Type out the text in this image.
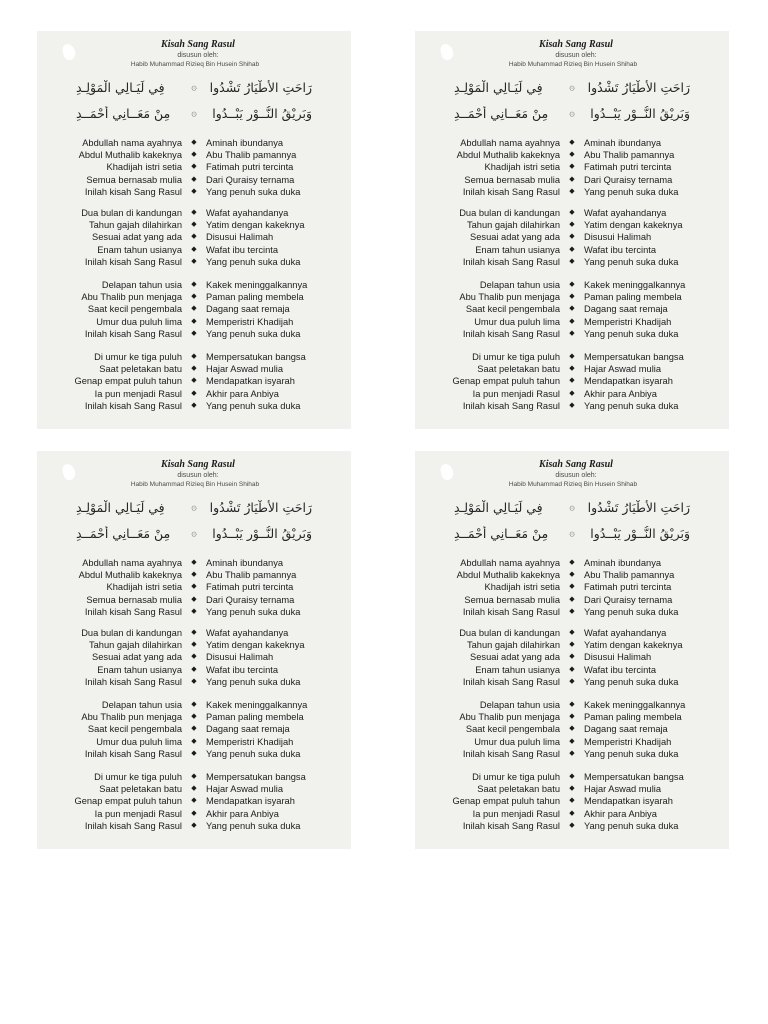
Kisah Sang Rasul
disusun oleh:
Habib Muhammad Rizieq Bin Husein Shihab
فِي لَيَـالِي الْمَوْلِـدِ	۞	رَاحَتِ الأَطْيَارُ تَشْدُوا
مِنْ مَعَــانِي أَحْمَــدِ	۞	وَبَرِيْقُ النُّــوْرِ يَبْــدُوا
Abdullah nama ayahnya	◆	Aminah ibundanya
Abdul Muthalib kakeknya	◆	Abu Thalib pamannya
Khadijah istri setia	◆	Fatimah putri tercinta
Semua bernasab mulia	◆	Dari Quraisy ternama
Inilah kisah Sang Rasul	◆	Yang penuh suka duka
Dua bulan di kandungan	◆	Wafat ayahandanya
Tahun gajah dilahirkan	◆	Yatim dengan kakeknya
Sesuai adat yang ada	◆	Disusui Halimah
Enam tahun usianya	◆	Wafat ibu tercinta
Inilah kisah Sang Rasul	◆	Yang penuh suka duka
Delapan tahun usia	◆	Kakek meninggalkannya
Abu Thalib pun menjaga	◆	Paman paling membela
Saat kecil pengembala	◆	Dagang saat remaja
Umur dua puluh lima	◆	Memperistri Khadijah
Inilah kisah Sang Rasul	◆	Yang penuh suka duka
Di umur ke tiga puluh	◆	Mempersatukan bangsa
Saat peletakan batu	◆	Hajar Aswad mulia
Genap empat puluh tahun	◆	Mendapatkan isyarah
Ia pun menjadi Rasul	◆	Akhir para Anbiya
Inilah kisah Sang Rasul	◆	Yang penuh suka duka
Kisah Sang Rasul
disusun oleh:
Habib Muhammad Rizieq Bin Husein Shihab
فِي لَيَـالِي الْمَوْلِـدِ	۞	رَاحَتِ الأَطْيَارُ تَشْدُوا
مِنْ مَعَــانِي أَحْمَــدِ	۞	وَبَرِيْقُ النُّــوْرِ يَبْــدُوا
Abdullah nama ayahnya	◆	Aminah ibundanya
Abdul Muthalib kakeknya	◆	Abu Thalib pamannya
Khadijah istri setia	◆	Fatimah putri tercinta
Semua bernasab mulia	◆	Dari Quraisy ternama
Inilah kisah Sang Rasul	◆	Yang penuh suka duka
Dua bulan di kandungan	◆	Wafat ayahandanya
Tahun gajah dilahirkan	◆	Yatim dengan kakeknya
Sesuai adat yang ada	◆	Disusui Halimah
Enam tahun usianya	◆	Wafat ibu tercinta
Inilah kisah Sang Rasul	◆	Yang penuh suka duka
Delapan tahun usia	◆	Kakek meninggalkannya
Abu Thalib pun menjaga	◆	Paman paling membela
Saat kecil pengembala	◆	Dagang saat remaja
Umur dua puluh lima	◆	Memperistri Khadijah
Inilah kisah Sang Rasul	◆	Yang penuh suka duka
Di umur ke tiga puluh	◆	Mempersatukan bangsa
Saat peletakan batu	◆	Hajar Aswad mulia
Genap empat puluh tahun	◆	Mendapatkan isyarah
Ia pun menjadi Rasul	◆	Akhir para Anbiya
Inilah kisah Sang Rasul	◆	Yang penuh suka duka
Kisah Sang Rasul
disusun oleh:
Habib Muhammad Rizieq Bin Husein Shihab
فِي لَيَـالِي الْمَوْلِـدِ	۞	رَاحَتِ الأَطْيَارُ تَشْدُوا
مِنْ مَعَــانِي أَحْمَــدِ	۞	وَبَرِيْقُ النُّــوْرِ يَبْــدُوا
Abdullah nama ayahnya	◆	Aminah ibundanya
Abdul Muthalib kakeknya	◆	Abu Thalib pamannya
Khadijah istri setia	◆	Fatimah putri tercinta
Semua bernasab mulia	◆	Dari Quraisy ternama
Inilah kisah Sang Rasul	◆	Yang penuh suka duka
Dua bulan di kandungan	◆	Wafat ayahandanya
Tahun gajah dilahirkan	◆	Yatim dengan kakeknya
Sesuai adat yang ada	◆	Disusui Halimah
Enam tahun usianya	◆	Wafat ibu tercinta
Inilah kisah Sang Rasul	◆	Yang penuh suka duka
Delapan tahun usia	◆	Kakek meninggalkannya
Abu Thalib pun menjaga	◆	Paman paling membela
Saat kecil pengembala	◆	Dagang saat remaja
Umur dua puluh lima	◆	Memperistri Khadijah
Inilah kisah Sang Rasul	◆	Yang penuh suka duka
Di umur ke tiga puluh	◆	Mempersatukan bangsa
Saat peletakan batu	◆	Hajar Aswad mulia
Genap empat puluh tahun	◆	Mendapatkan isyarah
Ia pun menjadi Rasul	◆	Akhir para Anbiya
Inilah kisah Sang Rasul	◆	Yang penuh suka duka
Kisah Sang Rasul
disusun oleh:
Habib Muhammad Rizieq Bin Husein Shihab
فِي لَيَـالِي الْمَوْلِـدِ	۞	رَاحَتِ الأَطْيَارُ تَشْدُوا
مِنْ مَعَــانِي أَحْمَــدِ	۞	وَبَرِيْقُ النُّــوْرِ يَبْــدُوا
Abdullah nama ayahnya	◆	Aminah ibundanya
Abdul Muthalib kakeknya	◆	Abu Thalib pamannya
Khadijah istri setia	◆	Fatimah putri tercinta
Semua bernasab mulia	◆	Dari Quraisy ternama
Inilah kisah Sang Rasul	◆	Yang penuh suka duka
Dua bulan di kandungan	◆	Wafat ayahandanya
Tahun gajah dilahirkan	◆	Yatim dengan kakeknya
Sesuai adat yang ada	◆	Disusui Halimah
Enam tahun usianya	◆	Wafat ibu tercinta
Inilah kisah Sang Rasul	◆	Yang penuh suka duka
Delapan tahun usia	◆	Kakek meninggalkannya
Abu Thalib pun menjaga	◆	Paman paling membela
Saat kecil pengembala	◆	Dagang saat remaja
Umur dua puluh lima	◆	Memperistri Khadijah
Inilah kisah Sang Rasul	◆	Yang penuh suka duka
Di umur ke tiga puluh	◆	Mempersatukan bangsa
Saat peletakan batu	◆	Hajar Aswad mulia
Genap empat puluh tahun	◆	Mendapatkan isyarah
Ia pun menjadi Rasul	◆	Akhir para Anbiya
Inilah kisah Sang Rasul	◆	Yang penuh suka duka
